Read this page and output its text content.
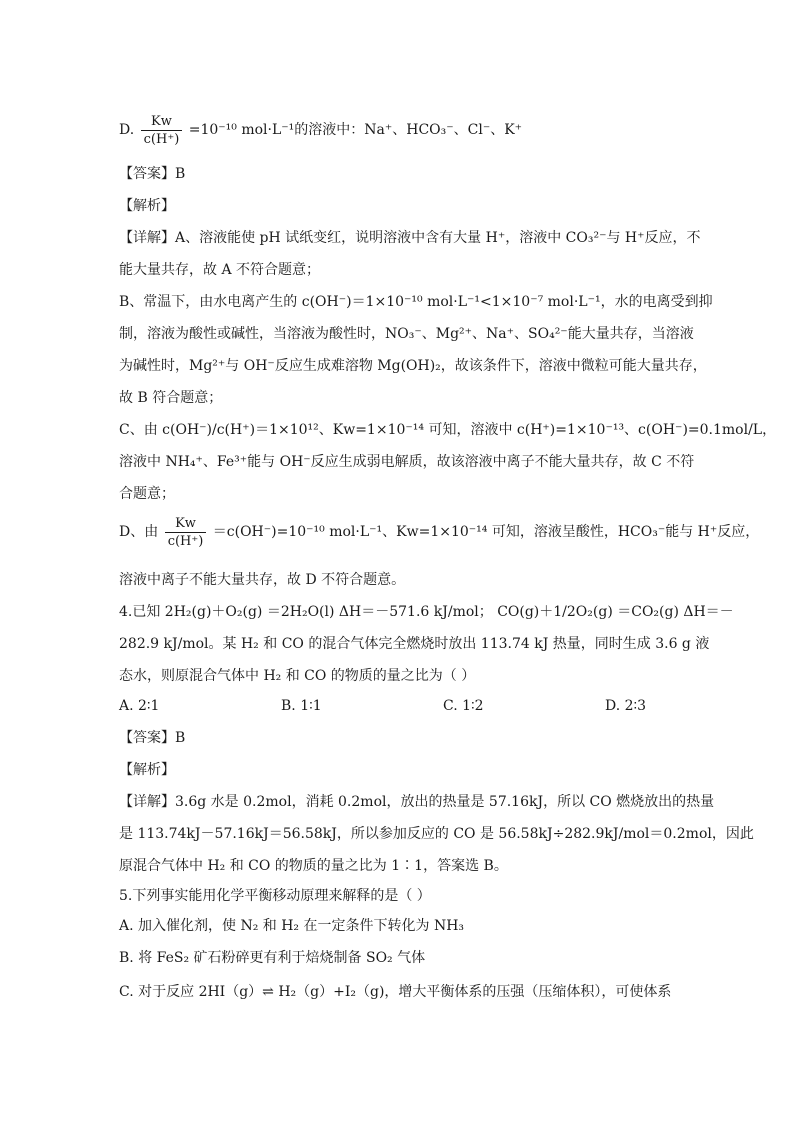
D. $\frac{Kw}{c(H^+)} =10^{-10}$ mol·L⁻¹的溶液中：Na⁺、HCO₃⁻、Cl⁻、K⁺
【答案】B
【解析】
【详解】A、溶液能使 pH 试纸变红，说明溶液中含有大量 H⁺，溶液中 CO₃²⁻与 H⁺反应，不
能大量共存，故 A 不符合题意；
B、常温下，由水电离产生的 c(OH⁻)＝1×10⁻¹⁰ mol·L⁻¹<1×10⁻⁷ mol·L⁻¹，水的电离受到抑
制，溶液为酸性或碱性，当溶液为酸性时，NO₃⁻、Mg²⁺、Na⁺、SO₄²⁻能大量共存，当溶液
为碱性时，Mg²⁺与 OH⁻反应生成难溶物 Mg(OH)₂，故该条件下，溶液中微粒可能大量共存，
故 B 符合题意；
C、由 c(OH⁻)/c(H⁺)＝1×10¹²、Kw=1×10⁻¹⁴ 可知，溶液中 c(H⁺)=1×10⁻¹³、c(OH⁻)=0.1mol/L，
溶液中 NH₄⁺、Fe³⁺能与 OH⁻反应生成弱电解质，故该溶液中离子不能大量共存，故 C 不符
合题意；
D、由 $\frac{Kw}{c(H^+)} =c(OH^-)=10^{-10}$ mol·L⁻¹、Kw=1×10⁻¹⁴ 可知，溶液呈酸性，HCO₃⁻能与 H⁺反应，
溶液中离子不能大量共存，故 D 不符合题意。
4.已知 2H₂(g)＋O₂(g) ＝2H₂O(l) ΔH＝－571.6 kJ/mol； CO(g)＋1/2O₂(g) ＝CO₂(g) ΔH＝－
282.9 kJ/mol。某 H₂ 和 CO 的混合气体完全燃烧时放出 113.74 kJ 热量，同时生成 3.6 g 液
态水，则原混合气体中 H₂ 和 CO 的物质的量之比为（ ）
A. 2∶1	B. 1∶1	C. 1∶2	D. 2∶3
【答案】B
【解析】
【详解】3.6g 水是 0.2mol，消耗 0.2mol，放出的热量是 57.16kJ，所以 CO 燃烧放出的热量
是 113.74kJ－57.16kJ＝56.58kJ，所以参加反应的 CO 是 56.58kJ÷282.9kJ/mol＝0.2mol，因此
原混合气体中 H₂ 和 CO 的物质的量之比为 1∶1，答案选 B。
5.下列事实能用化学平衡移动原理来解释的是（ ）
A. 加入催化剂，使 N₂ 和 H₂ 在一定条件下转化为 NH₃
B. 将 FeS₂ 矿石粉碎更有利于焙烧制备 SO₂ 气体
C. 对于反应 2HI（g）⇌ H₂（g）+I₂（g)，增大平衡体系的压强（压缩体积），可使体系
